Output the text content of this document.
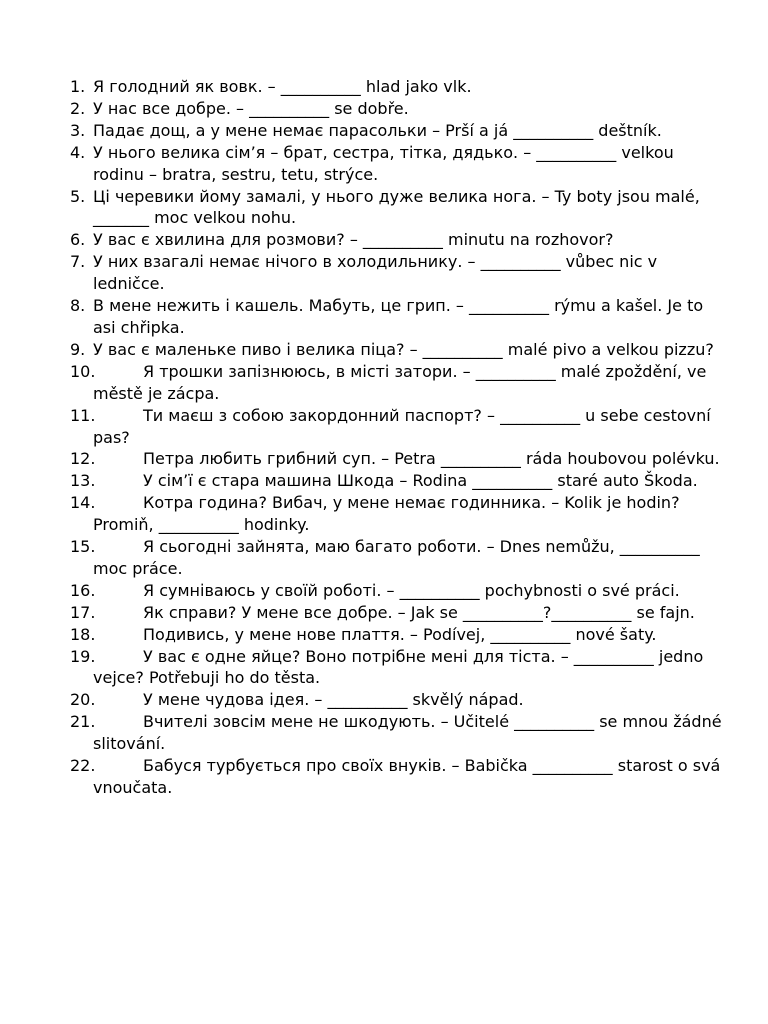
1. Я голодний як вовк. – __________ hlad jako vlk.
2. У нас все добре. – __________ se dobře.
3. Падає дощ, а у мене немає парасольки – Prší a já __________ deštník.
4. У нього велика сім’я – брат, сестра, тітка, дядько. – __________ velkou rodinu – bratra, sestru, tetu, strýce.
5. Ці черевики йому замалі, у нього дуже велика нога. – Ty boty jsou malé, _______ moc velkou nohu.
6. У вас є хвилина для розмови? – __________ minutu na rozhovor?
7. У них взагалі немає нічого в холодильнику. – __________ vůbec nic v ledničce.
8. В мене нежить і кашель. Мабуть, це грип. – __________ rýmu a kašel. Je to asi chřipka.
9. У вас є маленьке пиво і велика піца? – __________ malé pivo a velkou pizzu?
10.	Я трошки запізнююсь, в місті затори. – __________ malé zpoždění, ve městě je zácpa.
11.	Ти маєш з собою закордонний паспорт? – __________ u sebe cestovní pas?
12.	Петра любить грибний суп. – Petra __________ ráda houbovou polévku.
13.	У сім’ї є стара машина Шкода – Rodina __________ staré auto Škoda.
14.	Котра година? Вибач, у мене немає годинника. – Kolik je hodin? Promiň, __________ hodinky.
15.	Я сьогодні зайнята, маю багато роботи. – Dnes nemůžu, __________ moc práce.
16.	Я сумніваюсь у своїй роботі. – __________ pochybnosti o své práci.
17.	Як справи? У мене все добре. – Jak se __________?__________ se fajn.
18.	Подивись, у мене нове плаття. – Podívej, __________ nové šaty.
19.	У вас є одне яйце? Воно потрібне мені для тіста. – __________ jedno vejce? Potřebuji ho do těsta.
20.	У мене чудова ідея. – __________ skvělý nápad.
21.	Вчителі зовсім мене не шкодують. – Učitelé __________ se mnou žádné slitování.
22.	Бабуся турбується про своїх внуків. – Babička __________ starost o svá vnoučata.
